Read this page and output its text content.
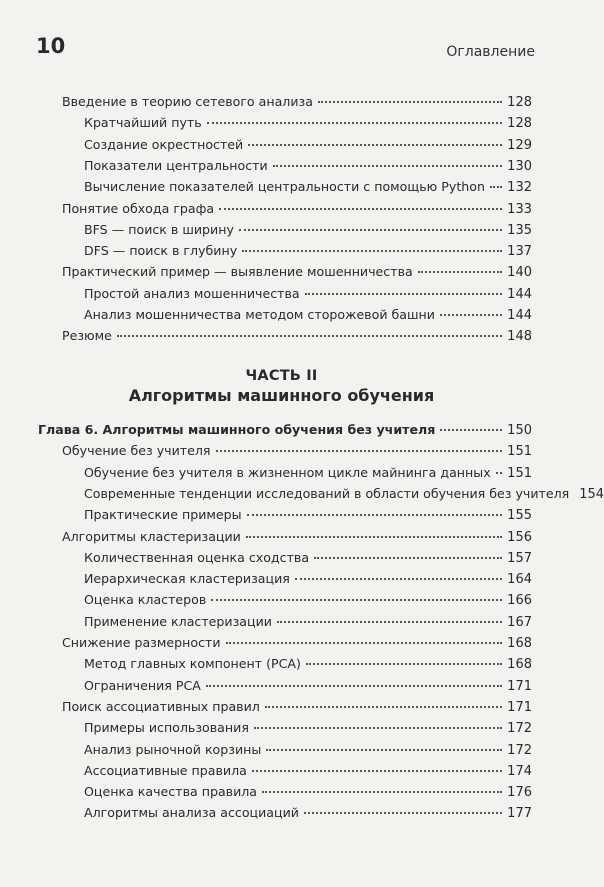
10	Оглавление
Введение в теорию сетевого анализа	128
Кратчайший путь	128
Создание окрестностей	129
Показатели центральности	130
Вычисление показателей центральности с помощью Python 132
Понятие обхода графа	133
BFS — поиск в ширину	135
DFS — поиск в глубину	137
Практический пример — выявление мошенничества	140
Простой анализ мошенничества	144
Анализ мошенничества методом сторожевой башни	144
Резюме	148
Глава 6. Алгоритмы машинного обучения без учителя	150
Обучение без учителя	151
Обучение без учителя в жизненном цикле майнинга данных 151
Современные тенденции исследований в области обучения без учителя 154
Практические примеры	155
Алгоритмы кластеризации	156
Количественная оценка сходства	157
Иерархическая кластеризация	164
Оценка кластеров	166
Применение кластеризации	167
Снижение размерности	168
Метод главных компонент (PCA)	168
Ограничения PCA	171
Поиск ассоциативных правил	171
Примеры использования	172
Анализ рыночной корзины	172
Ассоциативные правила	174
Оценка качества правила	176
Алгоритмы анализа ассоциаций	177
ЧАСТЬ II
Алгоритмы машинного обучения
